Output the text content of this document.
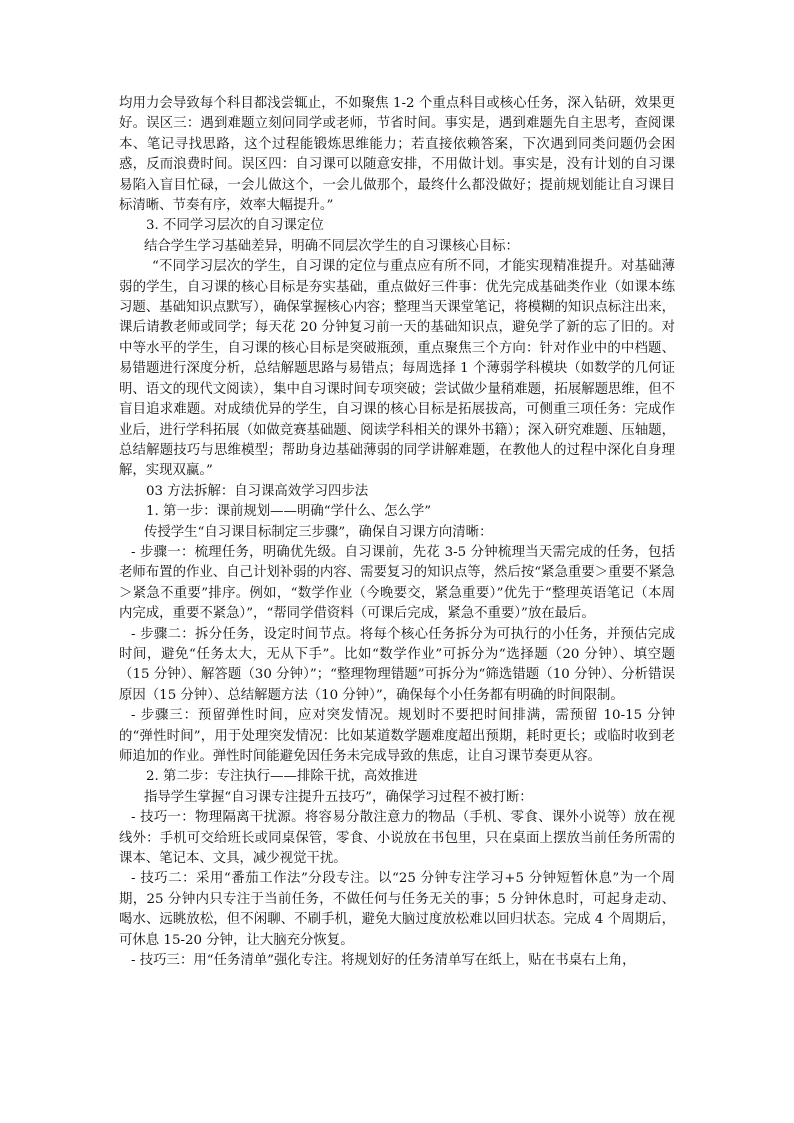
均用力会导致每个科目都浅尝辄止，不如聚焦 1-2 个重点科目或核心任务，深入钻研，效果更好。误区三：遇到难题立刻问同学或老师，节省时间。事实是，遇到难题先自主思考，查阅课本、笔记寻找思路，这个过程能锻炼思维能力；若直接依赖答案，下次遇到同类问题仍会困惑，反而浪费时间。误区四：自习课可以随意安排，不用做计划。事实是，没有计划的自习课易陷入盲目忙碌，一会儿做这个，一会儿做那个，最终什么都没做好；提前规划能让自习课目标清晰、节奏有序，效率大幅提升。”

3. 不同学习层次的自习课定位

结合学生学习基础差异，明确不同层次学生的自习课核心目标：

“不同学习层次的学生，自习课的定位与重点应有所不同，才能实现精准提升。对基础薄弱的学生，自习课的核心目标是夯实基础，重点做好三件事：优先完成基础类作业（如课本练习题、基础知识点默写），确保掌握核心内容；整理当天课堂笔记，将模糊的知识点标注出来，课后请教老师或同学；每天花 20 分钟复习前一天的基础知识点，避免学了新的忘了旧的。对中等水平的学生，自习课的核心目标是突破瓶颈，重点聚焦三个方向：针对作业中的中档题、易错题进行深度分析，总结解题思路与易错点；每周选择 1 个薄弱学科模块（如数学的几何证明、语文的现代文阅读），集中自习课时间专项突破；尝试做少量稍难题，拓展解题思维，但不盲目追求难题。对成绩优异的学生，自习课的核心目标是拓展拔高，可侧重三项任务：完成作业后，进行学科拓展（如做竞赛基础题、阅读学科相关的课外书籍）；深入研究难题、压轴题，总结解题技巧与思维模型；帮助身边基础薄弱的同学讲解难题，在教他人的过程中深化自身理解，实现双赢。”

03 方法拆解：自习课高效学习四步法

1. 第一步：课前规划——明确“学什么、怎么学”

传授学生“自习课目标制定三步骤”，确保自习课方向清晰：

- 步骤一：梳理任务，明确优先级。自习课前，先花 3-5 分钟梳理当天需完成的任务，包括老师布置的作业、自己计划补弱的内容、需要复习的知识点等，然后按“紧急重要＞重要不紧急＞紧急不重要”排序。例如，“数学作业（今晚要交，紧急重要）”优先于“整理英语笔记（本周内完成，重要不紧急）”，“帮同学借资料（可课后完成，紧急不重要）”放在最后。

- 步骤二：拆分任务，设定时间节点。将每个核心任务拆分为可执行的小任务，并预估完成时间，避免“任务太大，无从下手”。比如“数学作业”可拆分为“选择题（20 分钟）、填空题（15 分钟）、解答题（30 分钟）”；“整理物理错题”可拆分为“筛选错题（10 分钟）、分析错误原因（15 分钟）、总结解题方法（10 分钟）”，确保每个小任务都有明确的时间限制。

- 步骤三：预留弹性时间，应对突发情况。规划时不要把时间排满，需预留 10-15 分钟的“弹性时间”，用于处理突发情况：比如某道数学题难度超出预期，耗时更长；或临时收到老师追加的作业。弹性时间能避免因任务未完成导致的焦虑，让自习课节奏更从容。

2. 第二步：专注执行——排除干扰，高效推进

指导学生掌握“自习课专注提升五技巧”，确保学习过程不被打断：

- 技巧一：物理隔离干扰源。将容易分散注意力的物品（手机、零食、课外小说等）放在视线外：手机可交给班长或同桌保管，零食、小说放在书包里，只在桌面上摆放当前任务所需的课本、笔记本、文具，减少视觉干扰。

- 技巧二：采用“番茄工作法”分段专注。以“25 分钟专注学习+5 分钟短暂休息”为一个周期，25 分钟内只专注于当前任务，不做任何与任务无关的事；5 分钟休息时，可起身走动、喝水、远眺放松，但不闲聊、不刷手机，避免大脑过度放松难以回归状态。完成 4 个周期后，可休息 15-20 分钟，让大脑充分恢复。

- 技巧三：用“任务清单”强化专注。将规划好的任务清单写在纸上，贴在书桌右上角，
